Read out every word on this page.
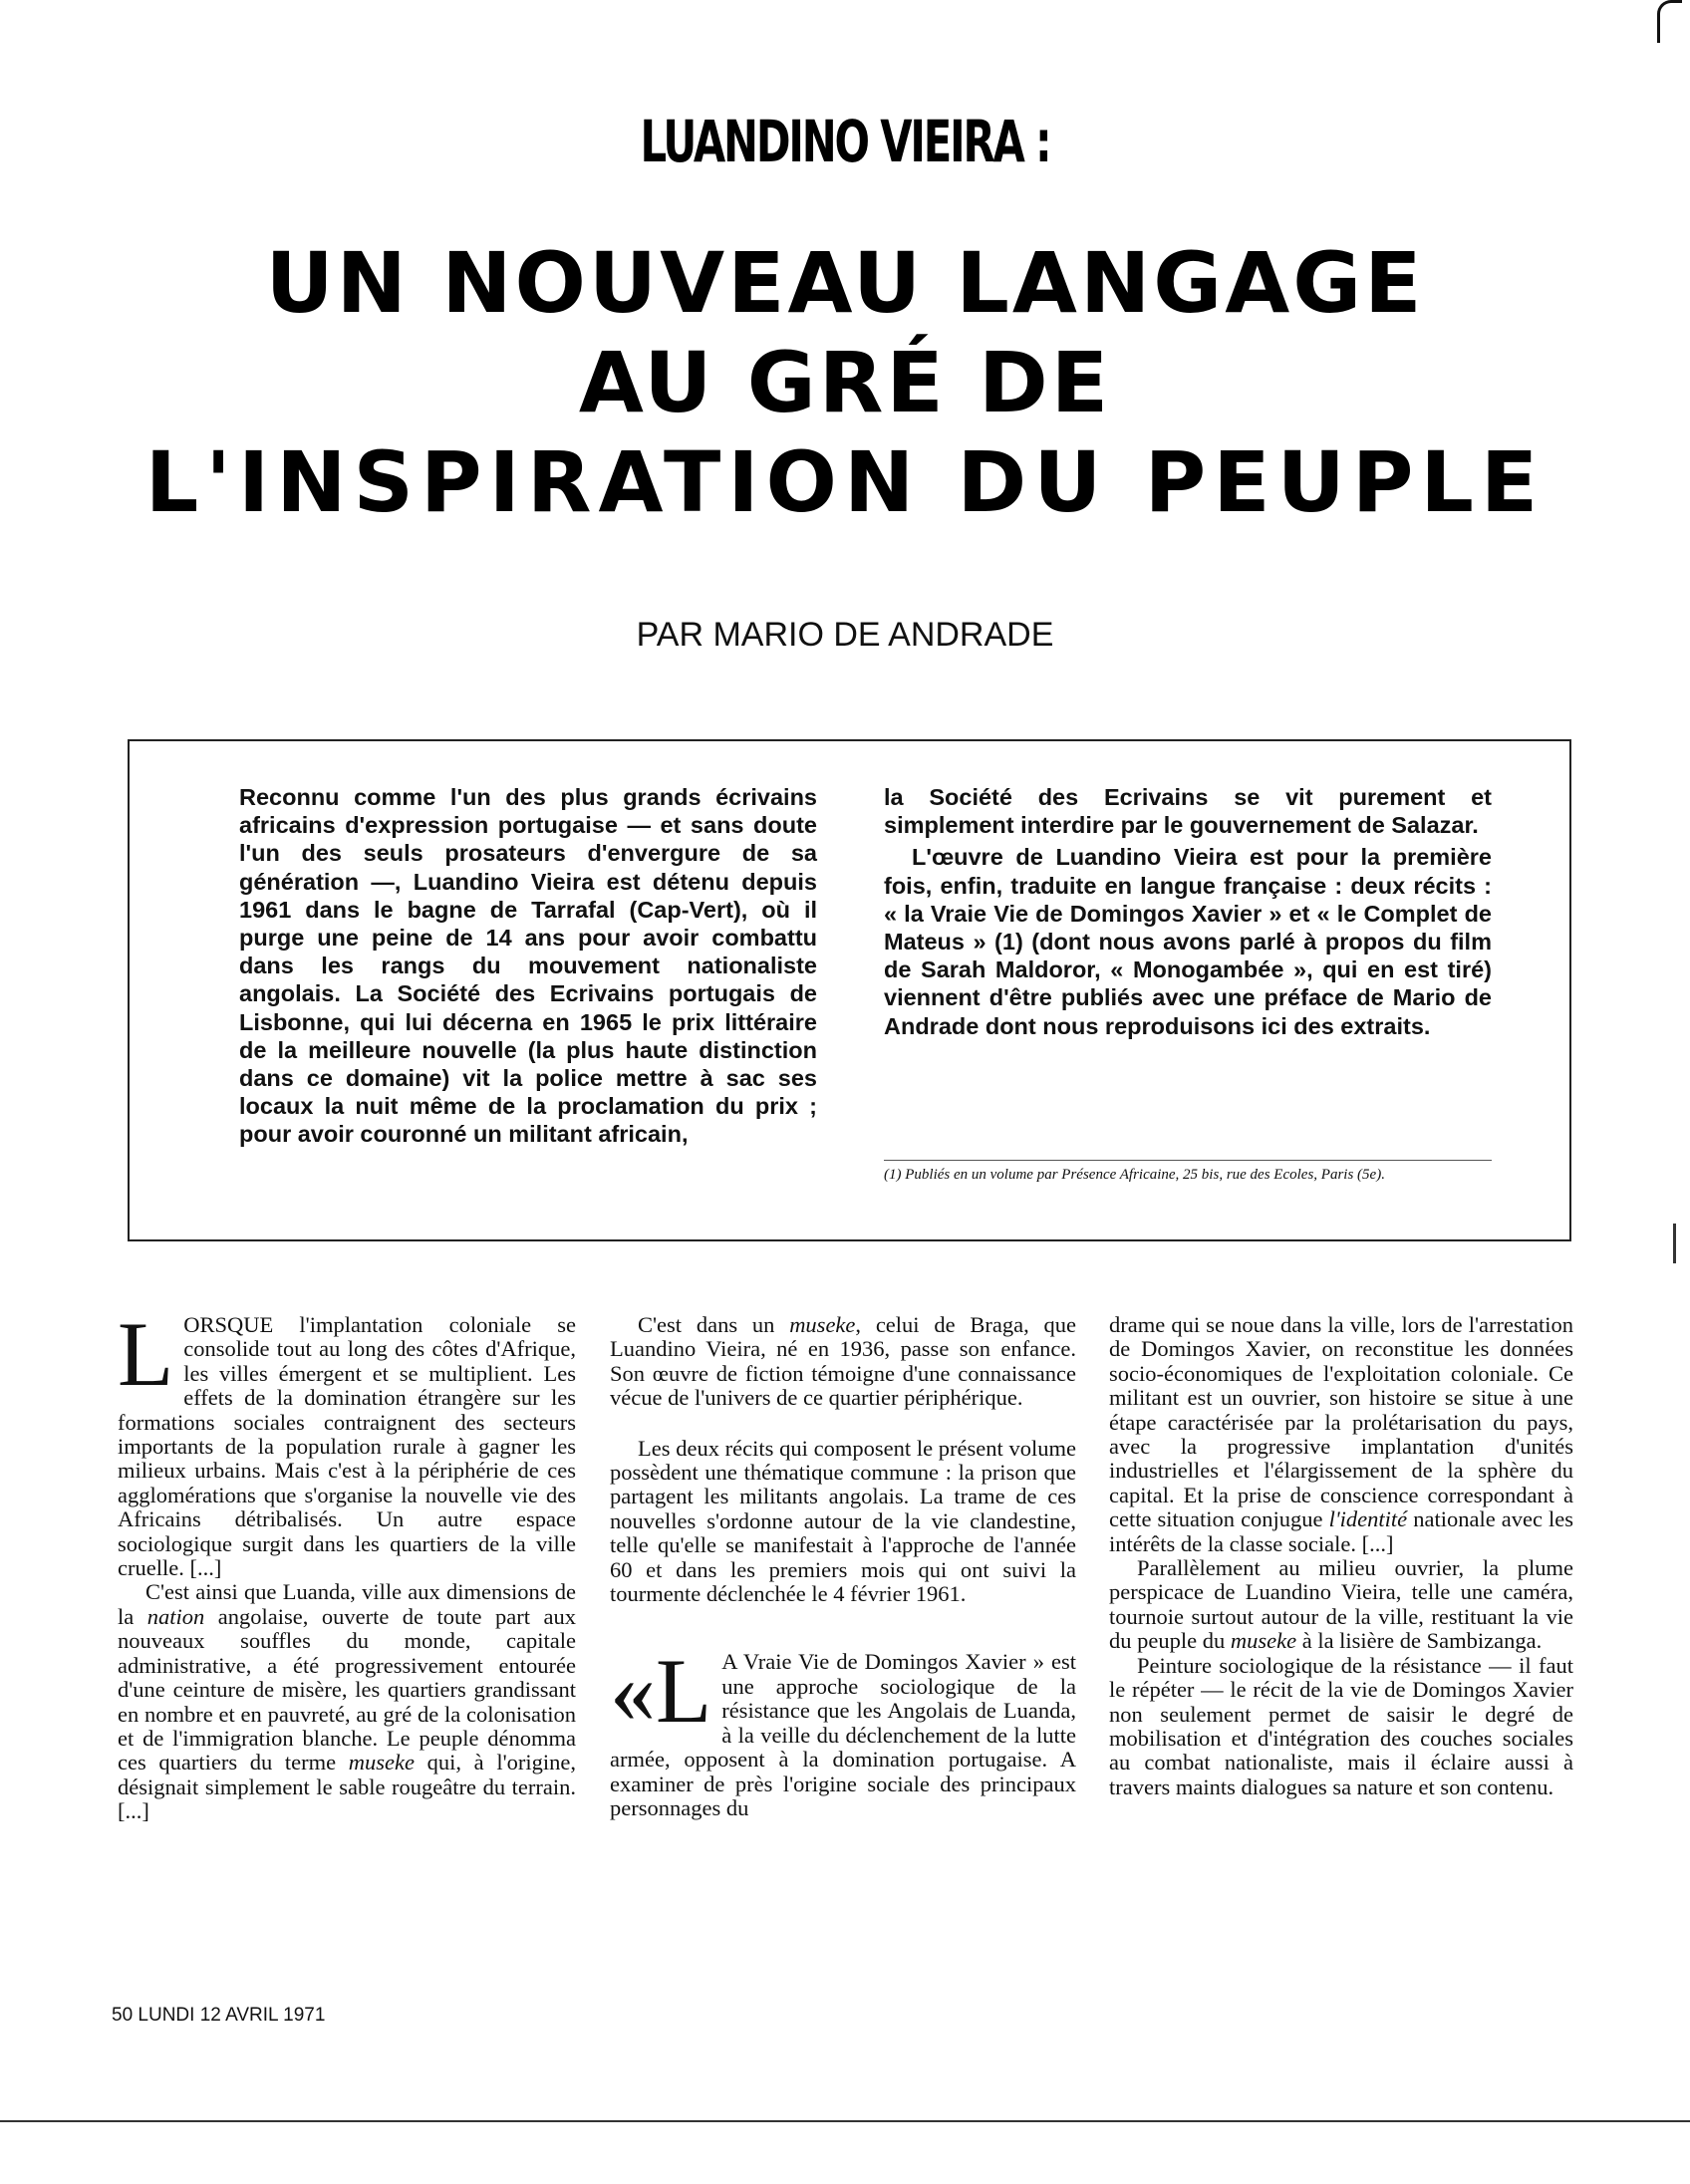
LUANDINO VIEIRA :
UN NOUVEAU LANGAGE
AU GRÉ DE
L'INSPIRATION DU PEUPLE
PAR MARIO DE ANDRADE

Reconnu comme l'un des plus grands écrivains africains d'expression portugaise — et sans doute l'un des seuls prosateurs d'envergure de sa génération —, Luandino Vieira est détenu depuis 1961 dans le bagne de Tarrafal (Cap-Vert), où il purge une peine de 14 ans pour avoir combattu dans les rangs du mouvement nationaliste angolais. La Société des Ecrivains portugais de Lisbonne, qui lui décerna en 1965 le prix littéraire de la meilleure nouvelle (la plus haute distinction dans ce domaine) vit la police mettre à sac ses locaux la nuit même de la proclamation du prix ; pour avoir couronné un militant africain,

la Société des Ecrivains se vit purement et simplement interdire par le gouvernement de Salazar.

L'œuvre de Luandino Vieira est pour la première fois, enfin, traduite en langue française : deux récits : « la Vraie Vie de Domingos Xavier » et « le Complet de Mateus » (1) (dont nous avons parlé à propos du film de Sarah Maldoror, « Monogambée », qui en est tiré) viennent d'être publiés avec une préface de Mario de Andrade dont nous reproduisons ici des extraits.

(1) Publiés en un volume par Présence Africaine, 25 bis, rue des Ecoles, Paris (5e).

LORSQUE l'implantation coloniale se consolide tout au long des côtes d'Afrique, les villes émergent et se multiplient. Les effets de la domination étrangère sur les formations sociales contraignent des secteurs importants de la population rurale à gagner les milieux urbains. Mais c'est à la périphérie de ces agglomérations que s'organise la nouvelle vie des Africains détribalisés. Un autre espace sociologique surgit dans les quartiers de la ville cruelle. [...]

C'est ainsi que Luanda, ville aux dimensions de la nation angolaise, ouverte de toute part aux nouveaux souffles du monde, capitale administrative, a été progressivement entourée d'une ceinture de misère, les quartiers grandissant en nombre et en pauvreté, au gré de la colonisation et de l'immigration blanche. Le peuple dénomma ces quartiers du terme museke qui, à l'origine, désignait simplement le sable rougeâtre du terrain. [...]

C'est dans un museke, celui de Braga, que Luandino Vieira, né en 1936, passe son enfance. Son œuvre de fiction témoigne d'une connaissance vécue de l'univers de ce quartier périphérique.

Les deux récits qui composent le présent volume possèdent une thématique commune : la prison que partagent les militants angolais. La trame de ces nouvelles s'ordonne autour de la vie clandestine, telle qu'elle se manifestait à l'approche de l'année 60 et dans les premiers mois qui ont suivi la tourmente déclenchée le 4 février 1961.

«L A Vraie Vie de Domingos Xavier » est une approche sociologique de la résistance que les Angolais de Luanda, à la veille du déclenchement de la lutte armée, opposent à la domination portugaise. A examiner de près l'origine sociale des principaux personnages du

drame qui se noue dans la ville, lors de l'arrestation de Domingos Xavier, on reconstitue les données socio-économiques de l'exploitation coloniale. Ce militant est un ouvrier, son histoire se situe à une étape caractérisée par la prolétarisation du pays, avec la progressive implantation d'unités industrielles et l'élargissement de la sphère du capital. Et la prise de conscience correspondant à cette situation conjugue l'identité nationale avec les intérêts de la classe sociale. [...]

Parallèlement au milieu ouvrier, la plume perspicace de Luandino Vieira, telle une caméra, tournoie surtout autour de la ville, restituant la vie du peuple du museke à la lisière de Sambizanga.

Peinture sociologique de la résistance — il faut le répéter — le récit de la vie de Domingos Xavier non seulement permet de saisir le degré de mobilisation et d'intégration des couches sociales au combat nationaliste, mais il éclaire aussi à travers maints dialogues sa nature et son contenu.

50 LUNDI 12 AVRIL 1971
